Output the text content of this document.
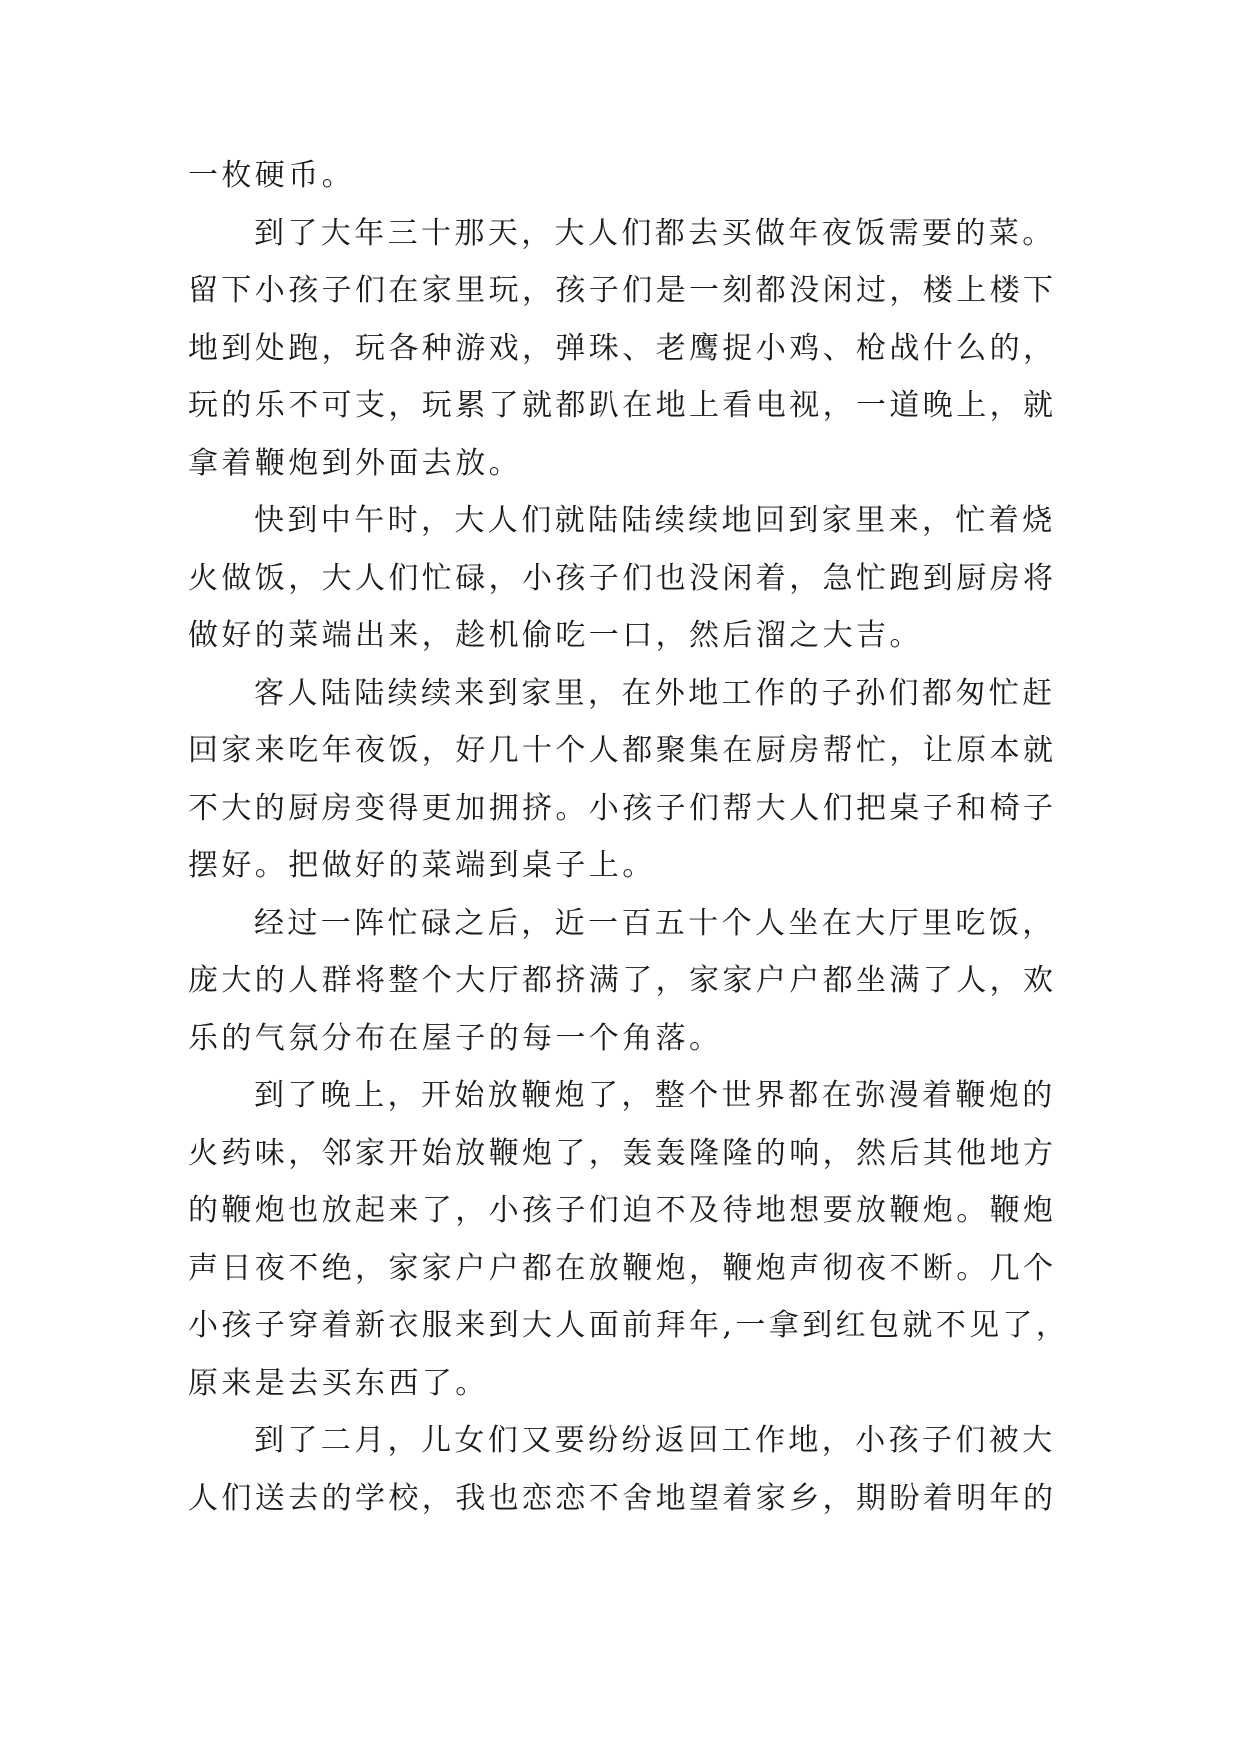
一枚硬币。
到了大年三十那天，大人们都去买做年夜饭需要的菜。
留下小孩子们在家里玩，孩子们是一刻都没闲过，楼上楼下
地到处跑，玩各种游戏，弹珠、老鹰捉小鸡、枪战什么的，
玩的乐不可支，玩累了就都趴在地上看电视，一道晚上，就
拿着鞭炮到外面去放。
快到中午时，大人们就陆陆续续地回到家里来，忙着烧
火做饭，大人们忙碌，小孩子们也没闲着，急忙跑到厨房将
做好的菜端出来，趁机偷吃一口，然后溜之大吉。
客人陆陆续续来到家里，在外地工作的子孙们都匆忙赶
回家来吃年夜饭，好几十个人都聚集在厨房帮忙，让原本就
不大的厨房变得更加拥挤。小孩子们帮大人们把桌子和椅子
摆好。把做好的菜端到桌子上。
经过一阵忙碌之后，近一百五十个人坐在大厅里吃饭，
庞大的人群将整个大厅都挤满了，家家户户都坐满了人，欢
乐的气氛分布在屋子的每一个角落。
到了晚上，开始放鞭炮了，整个世界都在弥漫着鞭炮的
火药味，邻家开始放鞭炮了，轰轰隆隆的响，然后其他地方
的鞭炮也放起来了，小孩子们迫不及待地想要放鞭炮。鞭炮
声日夜不绝，家家户户都在放鞭炮，鞭炮声彻夜不断。几个
小孩子穿着新衣服来到大人面前拜年,一拿到红包就不见了，
原来是去买东西了。
到了二月，儿女们又要纷纷返回工作地，小孩子们被大
人们送去的学校，我也恋恋不舍地望着家乡，期盼着明年的
